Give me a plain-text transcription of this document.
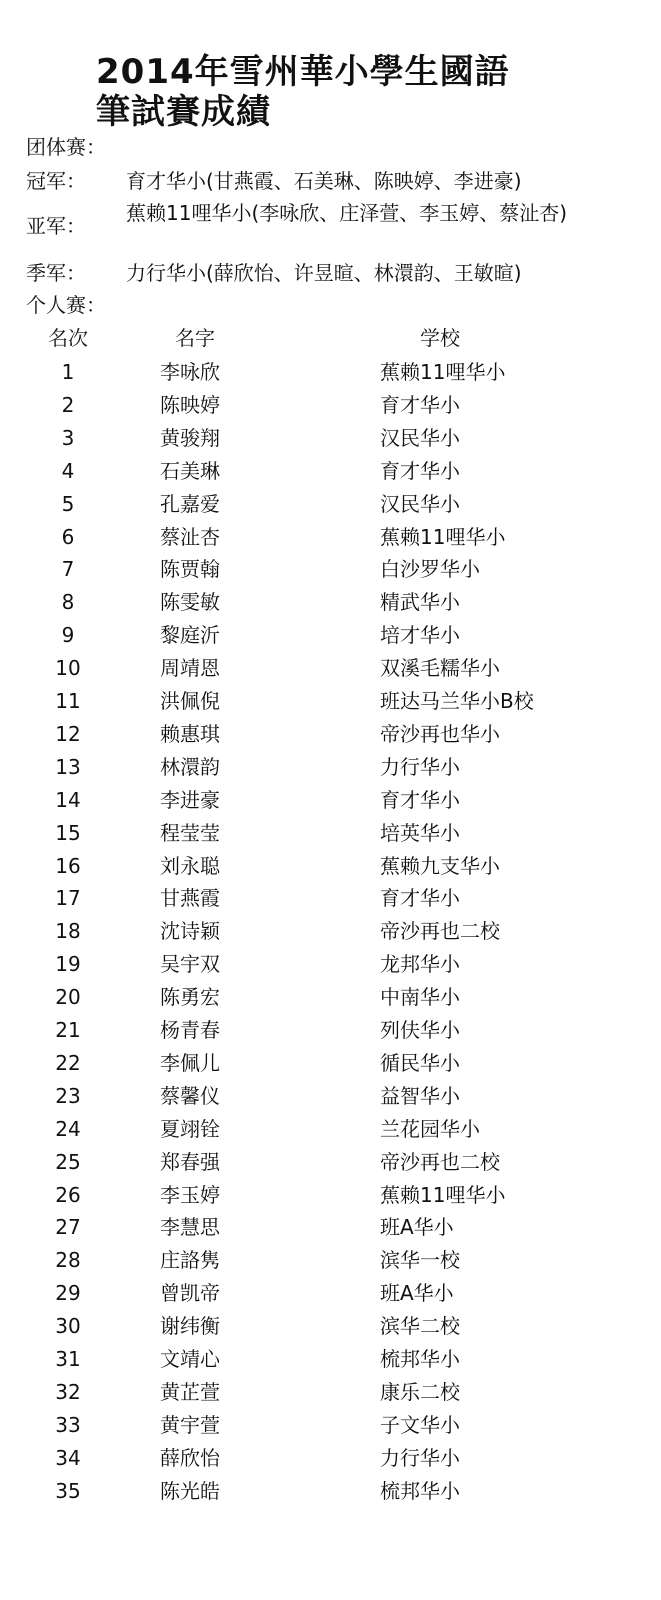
2014年雪州華小學生國語
筆試賽成績
团体赛：
冠军：	育才华小(甘燕霞、石美琳、陈映婷、李进豪)
亚军：
蕉赖11哩华小(李咏欣、庄泽萱、李玉婷、蔡沚杏)
季军：	力行华小(薛欣怡、许昱暄、林澴韵、王敏暄)
个人赛：
名次	名字	学校
1	李咏欣	蕉赖11哩华小
2	陈映婷	育才华小
3	黄骏翔	汉民华小
4	石美琳	育才华小
5	孔嘉爱	汉民华小
6	蔡沚杏	蕉赖11哩华小
7	陈贾翰	白沙罗华小
8	陈雯敏	精武华小
9	黎庭沂	培才华小
10	周靖恩	双溪毛糯华小
11	洪佩倪	班达马兰华小B校
12	赖惠琪	帝沙再也华小
13	林澴韵	力行华小
14	李进豪	育才华小
15	程莹莹	培英华小
16	刘永聪	蕉赖九支华小
17	甘燕霞	育才华小
18	沈诗颖	帝沙再也二校
19	吴宇双	龙邦华小
20	陈勇宏	中南华小
21	杨青春	列伕华小
22	李佩儿	循民华小
23	蔡馨仪	益智华小
24	夏翊铨	兰花园华小
25	郑春强	帝沙再也二校
26	李玉婷	蕉赖11哩华小
27	李慧思	班A华小
28	庄詻隽	滨华一校
29	曾凯帝	班A华小
30	谢纬衡	滨华二校
31	文靖心	梳邦华小
32	黄芷萱	康乐二校
33	黄宇萱	子文华小
34	薛欣怡	力行华小
35	陈光皓	梳邦华小
